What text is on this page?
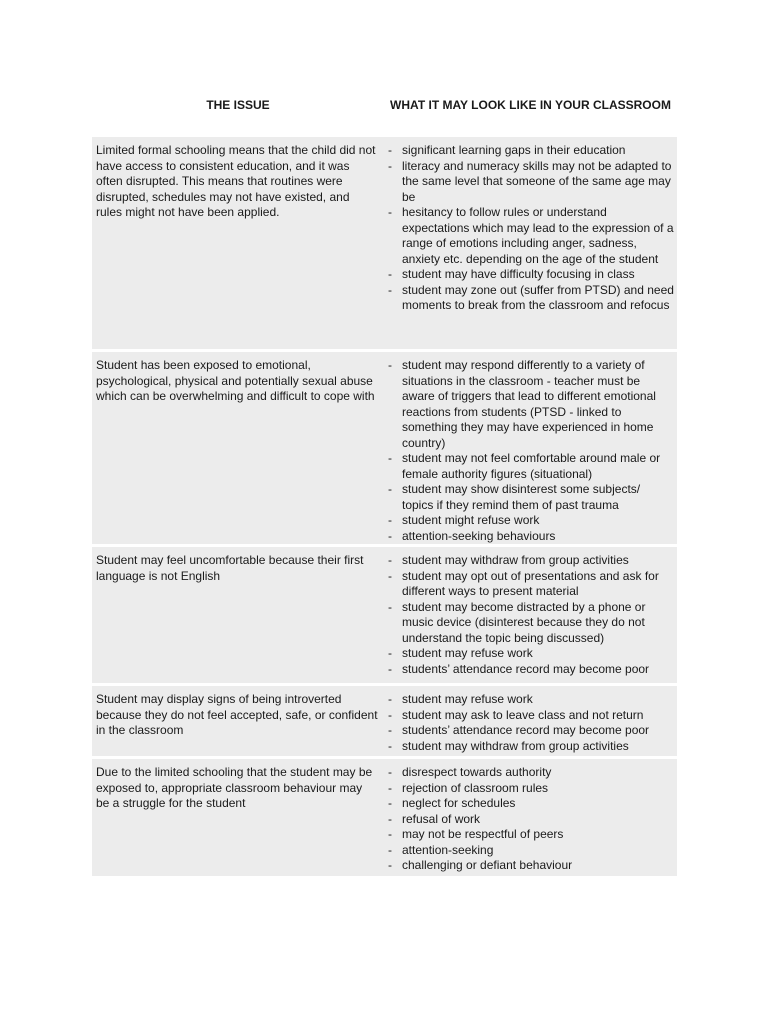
THE ISSUE	WHAT IT MAY LOOK LIKE IN YOUR CLASSROOM
Limited formal schooling means that the child did not have access to consistent education, and it was often disrupted. This means that routines were disrupted, schedules may not have existed, and rules might not have been applied.
- significant learning gaps in their education
- literacy and numeracy skills may not be adapted to the same level that someone of the same age may be
- hesitancy to follow rules or understand expectations which may lead to the expression of a range of emotions including anger, sadness, anxiety etc. depending on the age of the student
- student may have difficulty focusing in class
- student may zone out (suffer from PTSD) and need moments to break from the classroom and refocus
Student has been exposed to emotional, psychological, physical and potentially sexual abuse which can be overwhelming and difficult to cope with
- student may respond differently to a variety of situations in the classroom - teacher must be aware of triggers that lead to different emotional reactions from students (PTSD - linked to something they may have experienced in home country)
- student may not feel comfortable around male or female authority figures (situational)
- student may show disinterest some subjects/ topics if they remind them of past trauma
- student might refuse work
- attention-seeking behaviours
Student may feel uncomfortable because their first language is not English
- student may withdraw from group activities
- student may opt out of presentations and ask for different ways to present material
- student may become distracted by a phone or music device (disinterest because they do not understand the topic being discussed)
- student may refuse work
- students’ attendance record may become poor
Student may display signs of being introverted because they do not feel accepted, safe, or confident in the classroom
- student may refuse work
- student may ask to leave class and not return
- students’ attendance record may become poor
- student may withdraw from group activities
Due to the limited schooling that the student may be exposed to, appropriate classroom behaviour may be a struggle for the student
- disrespect towards authority
- rejection of classroom rules
- neglect for schedules
- refusal of work
- may not be respectful of peers
- attention-seeking
- challenging or defiant behaviour
